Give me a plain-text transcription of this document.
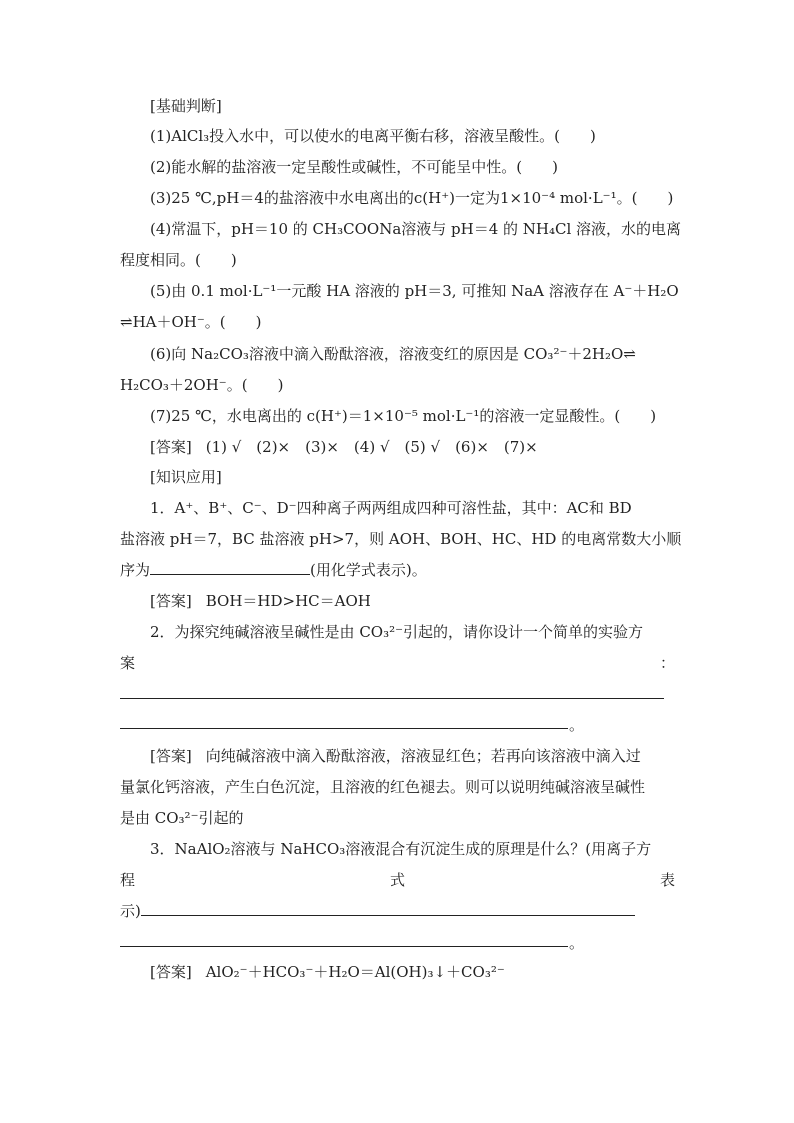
[基础判断]
(1)AlCl₃投入水中，可以使水的电离平衡右移，溶液呈酸性。(　　)
(2)能水解的盐溶液一定呈酸性或碱性，不可能呈中性。(　　)
(3)25 ℃,pH＝4的盐溶液中水电离出的c(H⁺)一定为1×10⁻⁴ mol·L⁻¹。(　　)
(4)常温下，pH＝10 的 CH₃COONa溶液与 pH＝4 的 NH₄Cl 溶液，水的电离
程度相同。(　　)
(5)由 0.1 mol·L⁻¹一元酸 HA 溶液的 pH＝3, 可推知 NaA 溶液存在 A⁻＋H₂O
⇌HA＋OH⁻。(　　)
(6)向 Na₂CO₃溶液中滴入酚酞溶液，溶液变红的原因是 CO₃²⁻＋2H₂O⇌
H₂CO₃＋2OH⁻。(　　)
(7)25 ℃，水电离出的 c(H⁺)＝1×10⁻⁵ mol·L⁻¹的溶液一定显酸性。(　　)
[答案] (1) √　(2)×　(3)×　(4) √　(5) √　(6)×　(7)×
[知识应用]
1．A⁺、B⁺、C⁻、D⁻四种离子两两组成四种可溶性盐，其中：AC和 BD
盐溶液 pH＝7，BC 盐溶液 pH>7，则 AOH、BOH、HC、HD 的电离常数大小顺
序为	(用化学式表示)。
[答案] BOH＝HD>HC＝AOH
2．为探究纯碱溶液呈碱性是由 CO₃²⁻引起的，请你设计一个简单的实验方
案	：
。
[答案] 向纯碱溶液中滴入酚酞溶液，溶液显红色；若再向该溶液中滴入过
量氯化钙溶液，产生白色沉淀，且溶液的红色褪去。则可以说明纯碱溶液呈碱性
是由 CO₃²⁻引起的
3．NaAlO₂溶液与 NaHCO₃溶液混合有沉淀生成的原理是什么？(用离子方
程	式	表
示)
。
[答案] AlO₂⁻＋HCO₃⁻＋H₂O＝Al(OH)₃↓＋CO₃²⁻
